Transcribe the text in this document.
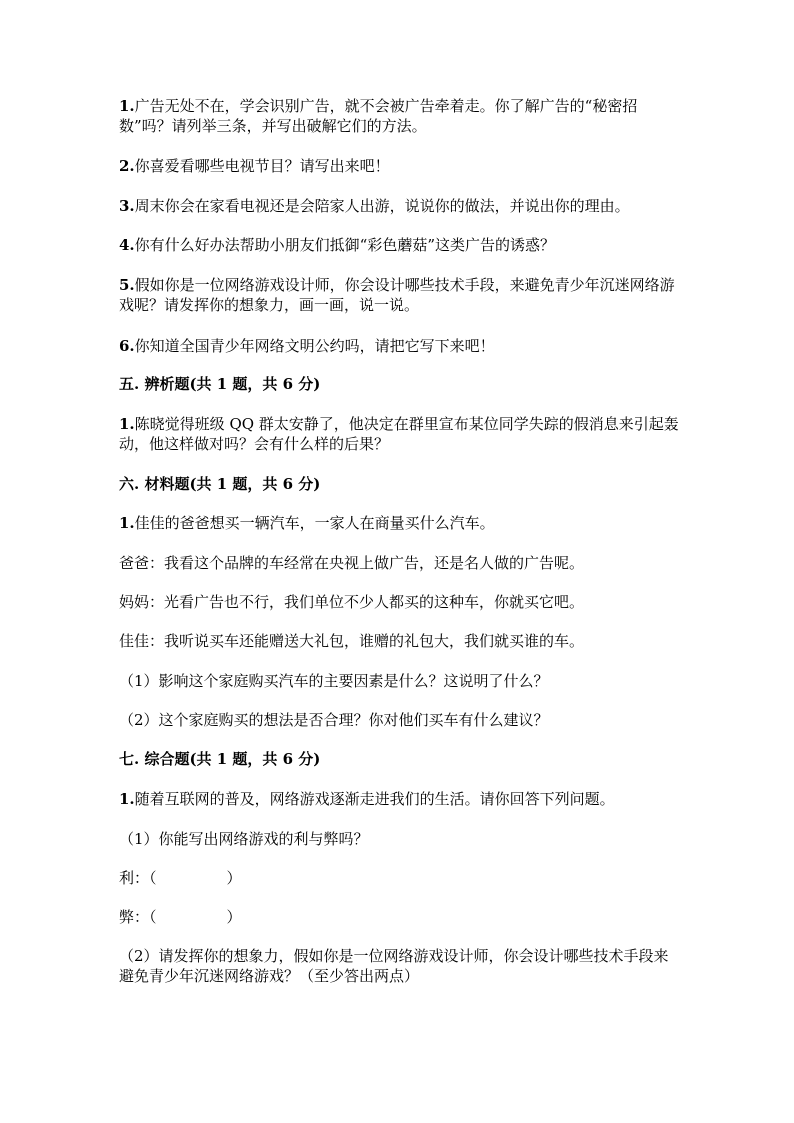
1.广告无处不在，学会识别广告，就不会被广告牵着走。你了解广告的“秘密招数”吗？请列举三条，并写出破解它们的方法。
2.你喜爱看哪些电视节目？请写出来吧！
3.周末你会在家看电视还是会陪家人出游，说说你的做法，并说出你的理由。
4.你有什么好办法帮助小朋友们抵御“彩色蘑菇”这类广告的诱惑？
5.假如你是一位网络游戏设计师，你会设计哪些技术手段，来避免青少年沉迷网络游戏呢？请发挥你的想象力，画一画，说一说。
6.你知道全国青少年网络文明公约吗，请把它写下来吧！
五. 辨析题(共 1 题，共 6 分)
1.陈晓觉得班级 QQ 群太安静了，他决定在群里宣布某位同学失踪的假消息来引起轰动，他这样做对吗？会有什么样的后果？
六. 材料题(共 1 题，共 6 分)
1.佳佳的爸爸想买一辆汽车，一家人在商量买什么汽车。
爸爸：我看这个品牌的车经常在央视上做广告，还是名人做的广告呢。
妈妈：光看广告也不行，我们单位不少人都买的这种车，你就买它吧。
佳佳：我听说买车还能赠送大礼包，谁赠的礼包大，我们就买谁的车。
（1）影响这个家庭购买汽车的主要因素是什么？这说明了什么？
（2）这个家庭购买的想法是否合理？你对他们买车有什么建议？
七. 综合题(共 1 题，共 6 分)
1.随着互联网的普及，网络游戏逐渐走进我们的生活。请你回答下列问题。
（1）你能写出网络游戏的利与弊吗？
利：（	）
弊：（	）
（2）请发挥你的想象力，假如你是一位网络游戏设计师，你会设计哪些技术手段来避免青少年沉迷网络游戏？（至少答出两点）
